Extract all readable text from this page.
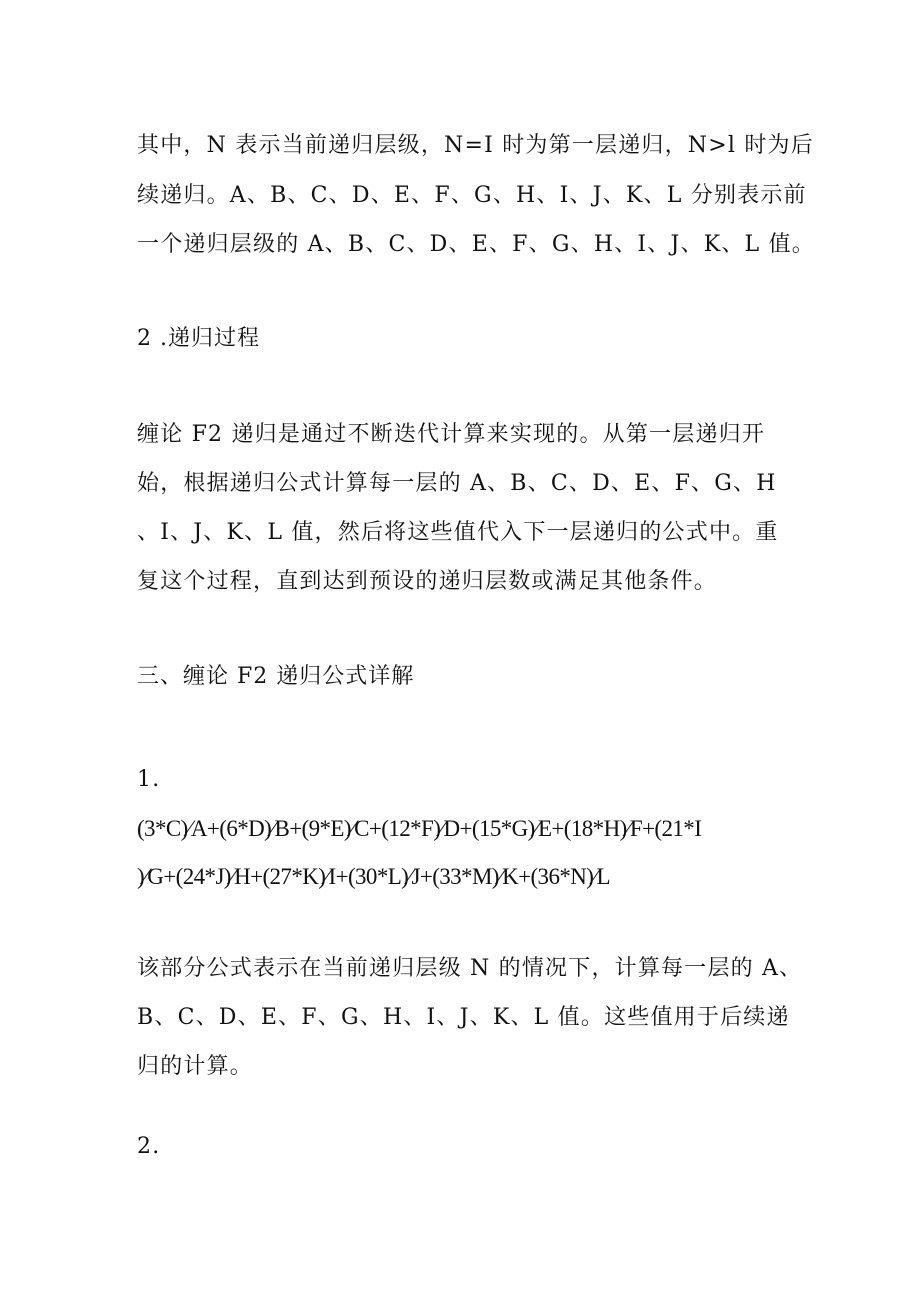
其中，N 表示当前递归层级，N=I 时为第一层递归，N>l 时为后
续递归。A、B、C、D、E、F、G、H、I、J、K、L 分别表示前
一个递归层级的 A、B、C、D、E、F、G、H、I、J、K、L 值。
2 .递归过程
缠论 F2 递归是通过不断迭代计算来实现的。从第一层递归开
始，根据递归公式计算每一层的 A、B、C、D、E、F、G、H
、I、J、K、L 值，然后将这些值代入下一层递归的公式中。重
复这个过程，直到达到预设的递归层数或满足其他条件。
三、缠论 F2 递归公式详解
1.
(3*C)⁄A+(6*D)⁄B+(9*E)⁄C+(12*F)⁄D+(15*G)⁄E+(18*H)⁄F+(21*I
)⁄G+(24*J)⁄H+(27*K)⁄I+(30*L)⁄J+(33*M)⁄K+(36*N)⁄L
该部分公式表示在当前递归层级 N 的情况下，计算每一层的 A、
B、C、D、E、F、G、H、I、J、K、L 值。这些值用于后续递
归的计算。
2.
